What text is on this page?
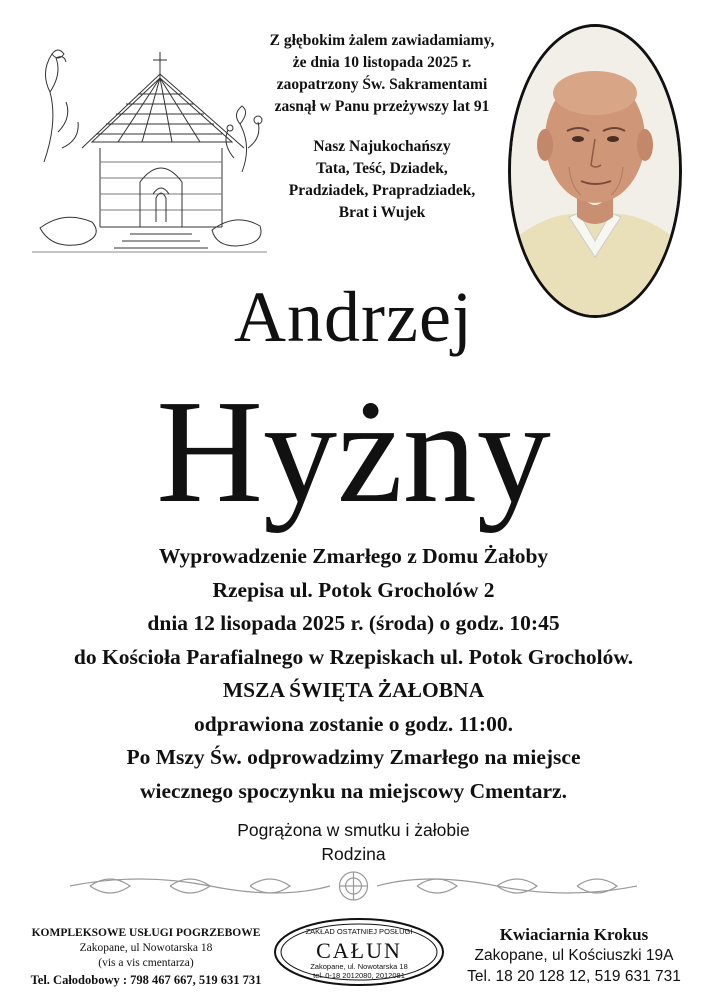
Z głębokim żalem zawiadamiamy,
że dnia 10 listopada 2025 r.
zaopatrzony Św. Sakramentami
zasnął w Panu przeżywszy lat 91
Nasz Najukochańszy
Tata, Teść, Dziadek,
Pradziadek, Prapradziadek,
Brat i Wujek
Andrzej
Hyżny
Wyprowadzenie Zmarłego z Domu Żałoby
Rzepisa ul. Potok Grocholów 2
dnia 12 lisopada 2025 r. (środa) o godz. 10:45
do Kościoła Parafialnego w Rzepiskach ul. Potok Grocholów.
MSZA ŚWIĘTA ŻAŁOBNA
odprawiona zostanie o godz. 11:00.
Po Mszy Św. odprowadzimy Zmarłego na miejsce
wiecznego spoczynku na miejscowy Cmentarz.
Pogrążona w smutku i żałobie
Rodzina
KOMPLEKSOWE USŁUGI POGRZEBOWE
Zakopane, ul Nowotarska 18
(vis a vis cmentarza)
Tel. Całodobowy : 798 467 667, 519 631 731
ZAKŁAD OSTATNIEJ POSŁUGI
CAŁUN
Zakopane, ul. Nowotarska 18
tel. 0-18 2012080, 2012081
Kwiaciarnia Krokus
Zakopane, ul Kościuszki 19A
Tel. 18 20 128 12, 519 631 731
